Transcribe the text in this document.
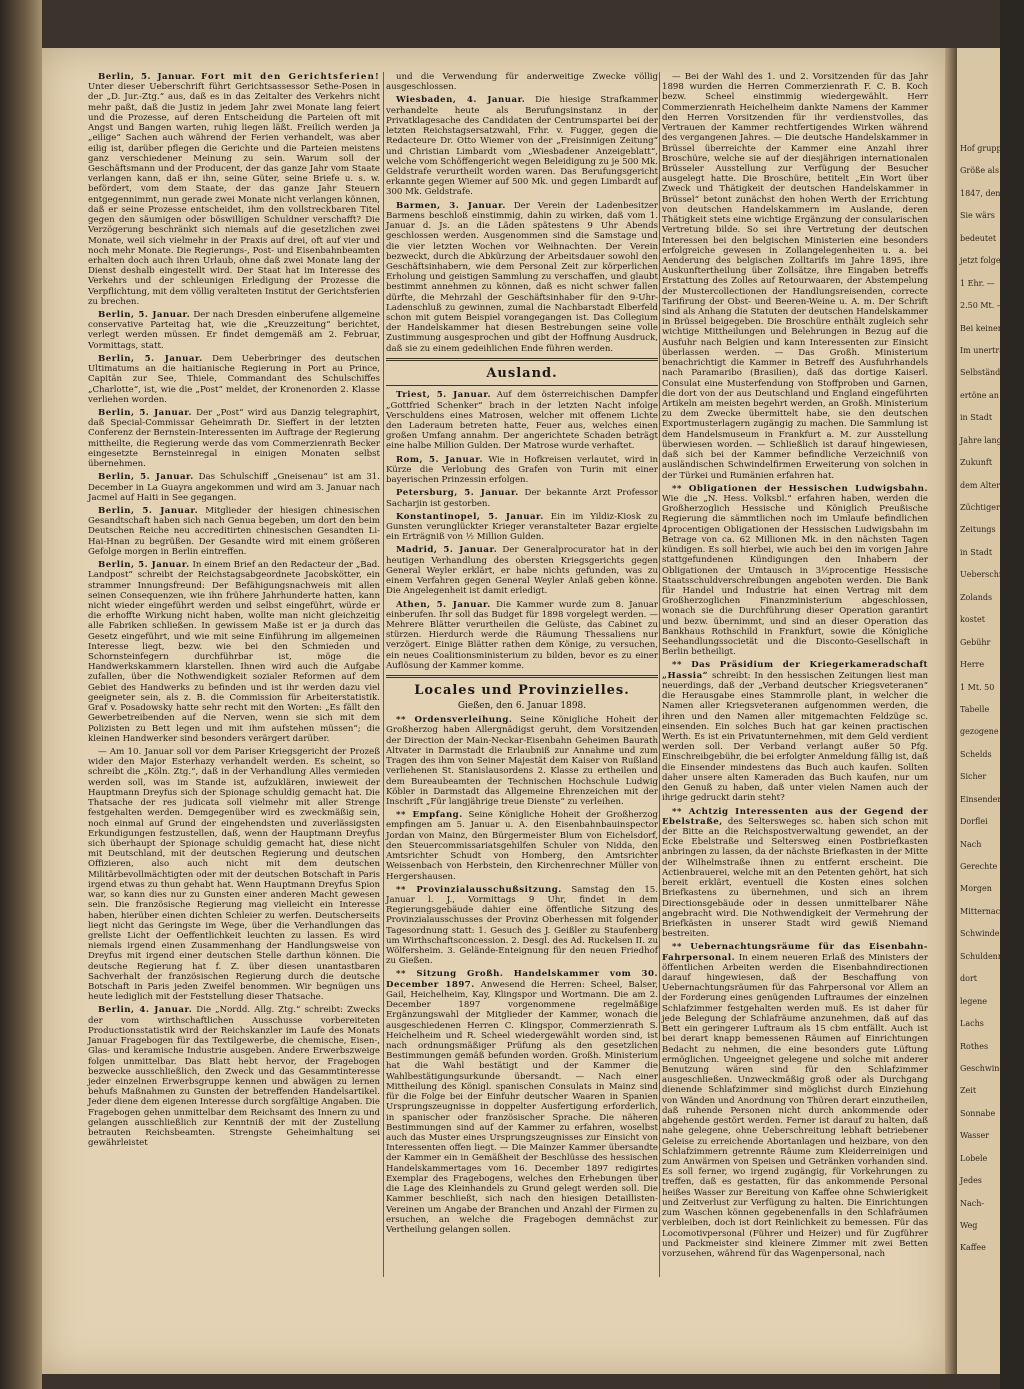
Berlin, 5. Januar. Fort mit den Gerichtsferien! Unter dieser Ueberschrift führt Gerichtsassessor Sethe-Posen in der „D. Jur.-Ztg.“ aus, daß es in das Zeitalter des Verkehrs nicht mehr paßt, daß die Justiz in jedem Jahr zwei Monate lang feiert und die Prozesse, auf deren Entscheidung die Parteien oft mit Angst und Bangen warten, ruhig liegen läßt. Freilich werden ja „eilige“ Sachen auch während der Ferien verhandelt, was aber eilig ist, darüber pflegen die Gerichte und die Parteien meistens ganz verschiedener Meinung zu sein. Warum soll der Geschäftsmann und der Producent, der das ganze Jahr vom Staate verlangen kann, daß er ihn, seine Güter, seine Briefe u. s. w. befördert, vom dem Staate, der das ganze Jahr Steuern entgegennimmt, nun gerade zwei Monate nicht verlangen können, daß er seine Prozesse entscheidet, ihm den vollstreckbaren Titel gegen den säumigen oder böswilligen Schuldner verschafft? Die Verzögerung beschränkt sich niemals auf die gesetzlichen zwei Monate, weil sich vielmehr in der Praxis auf drei, oft auf vier und noch mehr Monate. Die Regierungs-, Post- und Eisenbahnbeamten erhalten doch auch ihren Urlaub, ohne daß zwei Monate lang der Dienst deshalb eingestellt wird. Der Staat hat im Interesse des Verkehrs und der schleunigen Erledigung der Prozesse die Verpflichtung, mit dem völlig veralteten Institut der Gerichtsferien zu brechen.

Berlin, 5. Januar. Der nach Dresden einberufene allgemeine conservative Parteitag hat, wie die „Kreuzzeitung“ berichtet, verlegt werden müssen. Er findet demgemäß am 2. Februar, Vormittags, statt.

Berlin, 5. Januar. Dem Ueberbringer des deutschen Ultimatums an die haitianische Regierung in Port au Prince, Capitän zur See, Thiele, Commandant des Schulschiffes „Charlotte“, ist, wie die „Post“ meldet, der Kronenorden 2. Klasse verliehen worden.

Berlin, 5. Januar. Der „Post“ wird aus Danzig telegraphirt, daß Special-Commissar Geheimrath Dr. Sieffert in der letzten Conferenz der Bernstein-Interessenten im Auftrage der Regierung mittheilte, die Regierung werde das vom Commerzienrath Becker eingesetzte Bernsteinregal in einigen Monaten selbst übernehmen.

Berlin, 5. Januar. Das Schulschiff „Gneisenau“ ist am 31. December in La Guayra angekommen und wird am 3. Januar nach Jacmel auf Haiti in See gegangen.

Berlin, 5. Januar. Mitglieder der hiesigen chinesischen Gesandtschaft haben sich nach Genua begeben, um dort den beim Deutschen Reiche neu accreditirten chinesischen Gesandten Li-Hai-Hnan zu begrüßen. Der Gesandte wird mit einem größeren Gefolge morgen in Berlin eintreffen.

Berlin, 5. Januar. In einem Brief an den Redacteur der „Bad. Landpost“ schreibt der Reichstagsabgeordnete Jacobskötter, ein strammer Innungsfreund: Der Befähigungsnachweis mit allen seinen Consequenzen, wie ihn frühere Jahrhunderte hatten, kann nicht wieder eingeführt werden und selbst eingeführt, würde er die erhoffte Wirkung nicht haben, wollte man nicht gleichzeitig alle Fabriken schließen. In gewissem Maße ist er ja durch das Gesetz eingeführt, und wie mit seine Einführung im allgemeinen Interesse liegt, bezw. wie bei den Schmieden und Schornsteinfegern durchführbar ist, möge die Handwerkskammern klarstellen. Ihnen wird auch die Aufgabe zufallen, über die Nothwendigkeit sozialer Reformen auf dem Gebiet des Handwerks zu befinden und ist ihr werden dazu viel geeigneter sein, als z. B. die Commission für Arbeiterstatistik. Graf v. Posadowsky hatte sehr recht mit den Worten: „Es fällt den Gewerbetreibenden auf die Nerven, wenn sie sich mit dem Polizisten zu Bett legen und mit ihm aufstehen müssen“; die kleinen Handwerker sind besonders verärgert darüber.

— Am 10. Januar soll vor dem Pariser Kriegsgericht der Prozeß wider den Major Esterhazy verhandelt werden. Es scheint, so schreibt die „Köln. Ztg.“, daß in der Verhandlung Alles vermieden werden soll, was im Stande ist, aufzuklären, inwieweit der Hauptmann Dreyfus sich der Spionage schuldig gemacht hat. Die Thatsache der res judicata soll vielmehr mit aller Strenge festgehalten werden. Demgegenüber wird es zweckmäßig sein, noch einmal auf Grund der eingehendsten und zuverlässigsten Erkundigungen festzustellen, daß, wenn der Hauptmann Dreyfus sich überhaupt der Spionage schuldig gemacht hat, diese nicht mit Deutschland, mit der deutschen Regierung und deutschen Offizieren, also auch nicht mit dem deutschen Militärbevollmächtigten oder mit der deutschen Botschaft in Paris irgend etwas zu thun gehabt hat. Wenn Hauptmann Dreyfus Spion war, so kann dies nur zu Gunsten einer anderen Macht gewesen sein. Die französische Regierung mag vielleicht ein Interesse haben, hierüber einen dichten Schleier zu werfen. Deutscherseits liegt nicht das Geringste im Wege, über die Verhandlungen das grellste Licht der Oeffentlichkeit leuchten zu lassen. Es wird niemals irgend einen Zusammenhang der Handlungsweise von Dreyfus mit irgend einer deutschen Stelle darthun können. Die deutsche Regierung hat f. Z. über diesen unantastbaren Sachverhalt der französischen Regierung durch die deutsche Botschaft in Paris jeden Zweifel benommen. Wir begnügen uns heute lediglich mit der Feststellung dieser Thatsache.

Berlin, 4. Januar. Die „Nordd. Allg. Ztg.“ schreibt: Zwecks der vom wirthschaftlichen Ausschusse vorbereiteten Productionsstatistik wird der Reichskanzler im Laufe des Monats Januar Fragebogen für das Textilgewerbe, die chemische, Eisen-, Glas- und keramische Industrie ausgeben. Andere Erwerbszweige folgen unmittelbar. Das Blatt hebt hervor, der Fragebogen bezwecke ausschließlich, den Zweck und das Gesammtinteresse jeder einzelnen Erwerbsgruppe kennen und abwägen zu lernen behufs Maßnahmen zu Gunsten der betreffenden Handelsartikel. Jeder diene dem eigenen Interesse durch sorgfältige Angaben. Die Fragebogen gehen unmittelbar dem Reichsamt des Innern zu und gelangen ausschließlich zur Kenntniß der mit der Zustellung betrauten Reichsbeamten. Strengste Geheimhaltung sei gewährleistet

und die Verwendung für anderweitige Zwecke völlig ausgeschlossen.

Wiesbaden, 4. Januar. Die hiesige Strafkammer verhandelte heute als Berufungsinstanz in der Privatklagesache des Candidaten der Centrumspartei bei der letzten Reichstagsersatzwahl, Frhr. v. Fugger, gegen die Redacteure Dr. Otto Wiemer von der „Freisinnigen Zeitung“ und Christian Limbardt vom „Wiesbadener Anzeigeblatt“, welche vom Schöffengericht wegen Beleidigung zu je 500 Mk. Geldstrafe verurtheilt worden waren. Das Berufungsgericht erkannte gegen Wiemer auf 500 Mk. und gegen Limbardt auf 300 Mk. Geldstrafe.

Barmen, 3. Januar. Der Verein der Ladenbesitzer Barmens beschloß einstimmig, dahin zu wirken, daß vom 1. Januar d. Js. an die Läden spätestens 9 Uhr Abends geschlossen werden. Ausgenommen sind die Samstage und die vier letzten Wochen vor Weihnachten. Der Verein bezweckt, durch die Abkürzung der Arbeitsdauer sowohl den Geschäftsinhabern, wie dem Personal Zeit zur körperlichen Erholung und geistigen Sammlung zu verschaffen, und glaubt bestimmt annehmen zu können, daß es nicht schwer fallen dürfte, die Mehrzahl der Geschäftsinhaber für den 9-Uhr-Ladenschluß zu gewinnen, zumal die Nachbarstadt Elberfeld schon mit gutem Beispiel vorangegangen ist. Das Collegium der Handelskammer hat diesen Bestrebungen seine volle Zustimmung ausgesprochen und gibt der Hoffnung Ausdruck, daß sie zu einem gedeihlichen Ende führen werden.

Ausland.

Triest, 5. Januar. Auf dem österreichischen Dampfer „Gottfried Schenker“ brach in der letzten Nacht infolge Verschuldens eines Matrosen, welcher mit offenem Lichte den Laderaum betreten hatte, Feuer aus, welches einen großen Umfang annahm. Der angerichtete Schaden beträgt eine halbe Million Gulden. Der Matrose wurde verhaftet.

Rom, 5. Januar. Wie in Hofkreisen verlautet, wird in Kürze die Verlobung des Grafen von Turin mit einer bayerischen Prinzessin erfolgen.

Petersburg, 5. Januar. Der bekannte Arzt Professor Sacharjin ist gestorben.

Konstantinopel, 5. Januar. Ein im Yildiz-Kiosk zu Gunsten verunglückter Krieger veranstalteter Bazar ergielte ein Erträgniß von ½ Million Gulden.

Madrid, 5. Januar. Der Generalprocurator hat in der heutigen Verhandlung des obersten Kriegsgerichts gegen General Weyler erklärt, er habe nichts gefunden, was zu einem Verfahren gegen General Weyler Anlaß geben könne. Die Angelegenheit ist damit erledigt.

Athen, 5. Januar. Die Kammer wurde zum 8. Januar einberufen. Ihr soll das Budget für 1898 vorgelegt werden. — Mehrere Blätter verurtheilen die Gelüste, das Cabinet zu stürzen. Hierdurch werde die Räumung Thessaliens nur verzögert. Einige Blätter rathen dem Könige, zu versuchen, ein neues Coalitionsministerium zu bilden, bevor es zu einer Auflösung der Kammer komme.

Locales und Provinzielles.
Gießen, den 6. Januar 1898.

** Ordensverleihung. Seine Königliche Hoheit der Großherzog haben Allergnädigst geruht, dem Vorsitzenden der Direction der Main-Neckar-Eisenbahn Geheimen Baurath Altvater in Darmstadt die Erlaubniß zur Annahme und zum Tragen des ihm von Seiner Majestät dem Kaiser von Rußland verliehenen St. Stanislausordens 2. Klasse zu ertheilen und dem Bureaubeamten der Technischen Hochschule Ludwig Köbler in Darmstadt das Allgemeine Ehrenzeichen mit der Inschrift „Für langjährige treue Dienste“ zu verleihen.

** Empfang. Seine Königliche Hoheit der Großherzog empfingen am 5. Januar u. A. den Eisenbahnbauinspector Jordan von Mainz, den Bürgermeister Blum von Eichelsdorf, den Steuercommissariatsgehilfen Schuler von Nidda, den Amtsrichter Schudt von Homberg, den Amtsrichter Weissenbach von Herbstein, den Kirchenrechner Müller von Hergershausen.

** Provinzialausschußsitzung. Samstag den 15. Januar l. J., Vormittags 9 Uhr, findet in dem Regierungsgebäude dahier eine öffentliche Sitzung des Provinzialausschusses der Provinz Oberhessen mit folgender Tagesordnung statt: 1. Gesuch des J. Geißler zu Staufenberg um Wirthschaftsconcession. 2. Desgl. des Ad. Ruckelsen II. zu Wölfersheim. 3. Gelände-Enteignung für den neuen Friedhof zu Gießen.

** Sitzung Großh. Handelskammer vom 30. December 1897. Anwesend die Herren: Scheel, Balser, Gail, Heichelheim, Kay, Klingspor und Wortmann. Die am 2. December 1897 vorgenommene regelmäßige Ergänzungswahl der Mitglieder der Kammer, wonach die ausgeschiedenen Herren C. Klingspor, Commerzienrath S. Heichelheim und R. Scheel wiedergewählt worden sind, ist nach ordnungsmäßiger Prüfung als den gesetzlichen Bestimmungen gemäß befunden worden. Großh. Ministerium hat die Wahl bestätigt und der Kammer die Wahlbestätigungsurkunde übersandt. — Nach einer Mittheilung des Königl. spanischen Consulats in Mainz sind für die Folge bei der Einfuhr deutscher Waaren in Spanien Ursprungszeugnisse in doppelter Ausfertigung erforderlich, in spanischer oder französischer Sprache. Die näheren Bestimmungen sind auf der Kammer zu erfahren, woselbst auch das Muster eines Ursprungszeugnisses zur Einsicht von Interessenten offen liegt. — Die Mainzer Kammer übersandte der Kammer ein in Gemäßheit der Beschlüsse des hessischen Handelskammertages vom 16. December 1897 redigirtes Exemplar des Fragebogens, welches den Erhebungen über die Lage des Kleinhandels zu Grund gelegt werden soll. Die Kammer beschließt, sich nach den hiesigen Detaillisten-Vereinen um Angabe der Branchen und Anzahl der Firmen zu ersuchen, an welche die Fragebogen demnächst zur Vertheilung gelangen sollen.

— Bei der Wahl des 1. und 2. Vorsitzenden für das Jahr 1898 wurden die Herren Commerzienrath F. C. B. Koch bezw. Scheel einstimmig wiedergewählt. Herr Commerzienrath Heichelheim dankte Namens der Kammer den Herren Vorsitzenden für ihr verdienstvolles, das Vertrauen der Kammer rechtfertigendes Wirken während des vergangenen Jahres. — Die deutsche Handelskammer in Brüssel überreichte der Kammer eine Anzahl ihrer Broschüre, welche sie auf der diesjährigen internationalen Brüsseler Ausstellung zur Verfügung der Besucher ausgelegt hatte. Die Broschüre, betitelt „Ein Wort über Zweck und Thätigkeit der deutschen Handelskammer in Brüssel“ betont zunächst den hohen Werth der Errichtung von deutschen Handelskammern im Auslande, deren Thätigkeit stets eine wichtige Ergänzung der consularischen Vertretung bilde. So sei ihre Vertretung der deutschen Interessen bei den belgischen Ministerien eine besonders erfolgreiche gewesen in Zollangelegenheiten u. a. bei Aenderung des belgischen Zolltarifs im Jahre 1895, ihre Auskunftertheilung über Zollsätze, ihre Eingaben betreffs Erstattung des Zolles auf Retourwaaren, der Abstempelung der Mustercollectionen der Handlungsreisenden, correcte Tarifirung der Obst- und Beeren-Weine u. A. m. Der Schrift sind als Anhang die Statuten der deutschen Handelskammer in Brüssel beigegeben. Die Broschüre enthält zugleich sehr wichtige Mittheilungen und Belehrungen in Bezug auf die Ausfuhr nach Belgien und kann Interessenten zur Einsicht überlassen werden. — Das Großh. Ministerium benachrichtigt die Kammer in Betreff des Ausfuhrhandels nach Paramaribo (Brasilien), daß das dortige Kaiserl. Consulat eine Musterfendung von Stoffproben und Garnen, die dort von der aus Deutschland und England eingeführten Artikeln am meisten begehrt werden, an Großh. Ministerium zu dem Zwecke übermittelt habe, sie den deutschen Exportmusterlagern zugängig zu machen. Die Sammlung ist dem Handelsmuseum in Frankfurt a. M. zur Ausstellung überwiesen worden. — Schließlich ist darauf hingewiesen, daß sich bei der Kammer befindliche Verzeichniß von ausländischen Schwindelfirmen Erweiterung von solchen in der Türkei und Rumänien erfahren hat.

** Obligationen der Hessischen Ludwigsbahn. Wie die „N. Hess. Volksbl.“ erfahren haben, werden die Großherzoglich Hessische und Königlich Preußische Regierung die sämmtlichen noch im Umlaufe befindlichen 4procentigen Obligationen der Hessischen Ludwigsbahn im Betrage von ca. 62 Millionen Mk. in den nächsten Tagen kündigen. Es soll hierbei, wie auch bei den im vorigen Jahre stattgefundenen Kündigungen den Inhabern der Obligationen der Umtausch in 3½procentige Hessische Staatsschuldverschreibungen angeboten werden. Die Bank für Handel und Industrie hat einen Vertrag mit dem Großherzoglichen Finanzministerium abgeschlossen, wonach sie die Durchführung dieser Operation garantirt und bezw. übernimmt, und sind an dieser Operation das Bankhaus Rothschild in Frankfurt, sowie die Königliche Seehandlungssocietät und die Disconto-Gesellschaft in Berlin betheiligt.

** Das Präsidium der Kriegerkameradschaft „Hassia“ schreibt: In den hessischen Zeitungen liest man neuerdings, daß der „Verband deutscher Kriegsveteranen“ die Herausgabe eines Stammrolle plant, in welcher die Namen aller Kriegsveteranen aufgenommen werden, die ihren und den Namen aller mitgemachten Feldzüge sc. einsenden. Ein solches Buch hat gar keinen practischen Werth. Es ist ein Privatunternehmen, mit dem Geld verdient werden soll. Der Verband verlangt außer 50 Pfg. Einschreibgebühr, die bei erfolgter Anmeldung fällig ist, daß die Einsender mindestens das Buch auch kaufen. Sollten daher unsere alten Kameraden das Buch kaufen, nur um den Genuß zu haben, daß unter vielen Namen auch der ihrige gedruckt darin steht?

** Achtzig Interessenten aus der Gegend der Ebelstraße, des Seltersweges sc. haben sich schon mit der Bitte an die Reichspostverwaltung gewendet, an der Ecke Ebelstraße und Seltersweg einen Postbriefkasten anbringen zu lassen, da der nächste Briefkasten in der Mitte der Wilhelmstraße ihnen zu entfernt erscheint. Die Actienbrauerei, welche mit an den Petenten gehört, hat sich bereit erklärt, eventuell die Kosten eines solchen Briefkastens zu übernehmen, und sich an ihrem Directionsgebäude oder in dessen unmittelbarer Nähe angebracht wird. Die Nothwendigkeit der Vermehrung der Briefkästen in unserer Stadt wird gewiß Niemand bestreiten.

** Uebernachtungsräume für das Eisenbahn-Fahrpersonal. In einem neueren Erlaß des Ministers der öffentlichen Arbeiten werden die Eisenbahndirectionen darauf hingewiesen, daß der Beschaffung von Uebernachtungsräumen für das Fahrpersonal vor Allem an der Forderung eines genügenden Luftraumes der einzelnen Schlafzimmer festgehalten werden muß. Es ist daher für jede Belegung der Schlafräume anzunehmen, daß auf das Bett ein geringerer Luftraum als 15 cbm entfällt. Auch ist bei derart knapp bemessenen Räumen auf Einrichtungen Bedacht zu nehmen, die eine besonders gute Lüftung ermöglichen. Ungeeignet gelegene und solche mit anderer Benutzung wären sind für den Schlafzimmer ausgeschließen. Unzweckmäßig groß oder als Durchgang dienende Schlafzimmer sind möglichst durch Einziehung von Wänden und Anordnung von Thüren derart einzutheilen, daß ruhende Personen nicht durch ankommende oder abgehende gestört werden. Ferner ist darauf zu halten, daß nahe gelegene, ohne Ueberschreitung lebhaft betriebener Geleise zu erreichende Abortanlagen und heizbare, von den Schlafzimmern getrennte Räume zum Kleiderreinigen und zum Anwärmen von Speisen und Getränken vorhanden sind. Es soll ferner, wo irgend zugängig, für Vorkehrungen zu treffen, daß es gestatten, für das ankommende Personal heißes Wasser zur Bereitung von Kaffee ohne Schwierigkeit und Zeitverlust zur Verfügung zu halten. Die Einrichtungen zum Waschen können gegebenenfalls in den Schlafräumen verbleiben, doch ist dort Reinlichkeit zu bemessen. Für das Locomotivpersonal (Führer und Heizer) und für Zugführer und Packmeister sind kleinere Zimmer mit zwei Betten vorzusehen, während für das Wagenpersonal, nach

Hof gruppen
Größe als
1847, den 1
Sie wärs
bedeutet
jetzt folgen
1 Ehr. —
2.50 Mt. —
Bei keinem
Im unerträglich
Selbstände
ertöne an
in Stadt
Jahre lang
Zukunft
dem Alter
Züchtiger
Zeitungs
in Stadt
Ueberschrift
Zolands
kostet
Gebühr
Herre
1 Mt. 50
Tabelle
gezogene
Schelds
Sicher
Einsender
Dorflei
Nach
Gerechte
Morgen
Mitternacht
Schwinde
Schuldenrat
dort
legene
Lachs
Rothes
Geschwind
Zeit
Sonnabe
Wasser
Lobele
Jedes
Nach-
Weg
Kaffee
